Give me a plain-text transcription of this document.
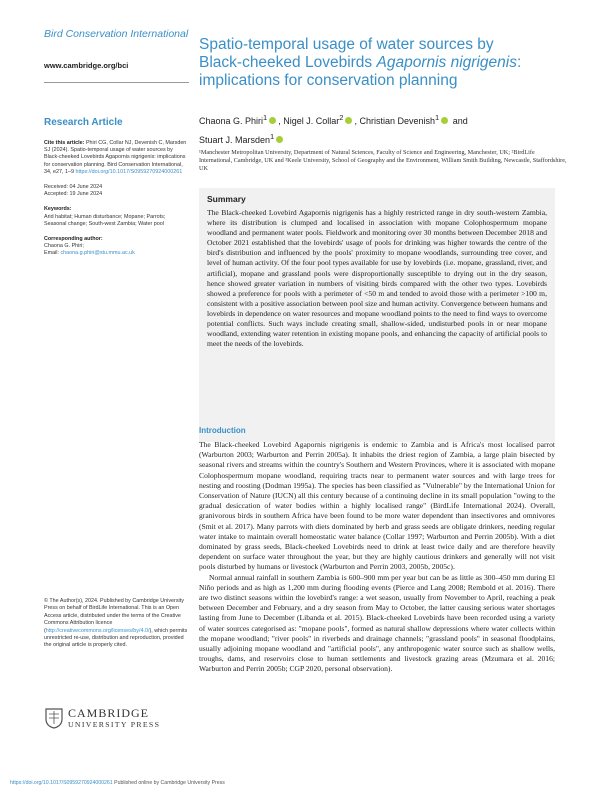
Bird Conservation International
www.cambridge.org/bci
Research Article
Cite this article: Phiri CG, Collar NJ, Devenish C, Marsden SJ (2024). Spatio-temporal usage of water sources by Black-cheeked Lovebirds Agapornis nigrigenis: implications for conservation planning. Bird Conservation International, 34, e27, 1–9 https://doi.org/10.1017/S0959270924000261
Received: 04 June 2024
Accepted: 19 June 2024
Keywords:
Arid habitat; Human disturbance; Mopane; Parrots; Seasonal change; South-west Zambia; Water pool
Corresponding author:
Chaona G. Phiri;
Email: chaona.g.phiri@stu.mmu.ac.uk
© The Author(s), 2024. Published by Cambridge University Press on behalf of BirdLife International. This is an Open Access article, distributed under the terms of the Creative Commons Attribution licence (http://creativecommons.org/licenses/by/4.0/), which permits unrestricted re-use, distribution and reproduction, provided the original article is properly cited.
CAMBRIDGE
UNIVERSITY PRESS
https://doi.org/10.1017/S0959270924000261 Published online by Cambridge University Press
Spatio-temporal usage of water sources by
Black-cheeked Lovebirds Agapornis nigrigenis: implications for conservation planning
Chaona G. Phiri$^1$ , Nigel J. Collar$^2$ , Christian Devenish$^1$ and
Stuart J. Marsden$^1$
¹Manchester Metropolitan University, Department of Natural Sciences, Faculty of Science and Engineering, Manchester, UK; ²BirdLife International, Cambridge, UK and ³Keele University, School of Geography and the Environment, William Smith Building, Newcastle, Staffordshire, UK
Summary
The Black-cheeked Lovebird Agapornis nigrigenis has a highly restricted range in dry south-western Zambia, where its distribution is clumped and localised in association with mopane Colophospermum mopane woodland and permanent water pools. Fieldwork and monitoring over 30 months between December 2018 and October 2021 established that the lovebirds' usage of pools for drinking was higher towards the centre of the bird's distribution and influenced by the pools' proximity to mopane woodlands, surrounding tree cover, and level of human activity. Of the four pool types available for use by lovebirds (i.e. mopane, grassland, river, and artificial), mopane and grassland pools were disproportionally susceptible to drying out in the dry season, hence showed greater variation in numbers of visiting birds compared with the other two types. Lovebirds showed a preference for pools with a perimeter of <50 m and tended to avoid those with a perimeter >100 m, consistent with a positive association between pool size and human activity. Convergence between humans and lovebirds in dependence on water resources and mopane woodland points to the need to find ways to overcome potential conflicts. Such ways include creating small, shallow-sided, undisturbed pools in or near mopane woodland, extending water retention in existing mopane pools, and enhancing the capacity of artificial pools to meet the needs of the lovebirds.
Introduction

The Black-cheeked Lovebird Agapornis nigrigenis is endemic to Zambia and is Africa's most localised parrot (Warburton 2003; Warburton and Perrin 2005a). It inhabits the driest region of Zambia, a large plain bisected by seasonal rivers and streams within the country's Southern and Western Provinces, where it is associated with mopane Colophospermum mopane woodland, requiring tracts near to permanent water sources and with large trees for nesting and roosting (Dodman 1995a). The species has been classified as "Vulnerable" by the International Union for Conservation of Nature (IUCN) all this century because of a continuing decline in its small population "owing to the gradual desiccation of water bodies within a highly localised range" (BirdLife International 2024). Overall, granivorous birds in southern Africa have been found to be more water dependent than insectivores and omnivores (Smit et al. 2017). Many parrots with diets dominated by herb and grass seeds are obligate drinkers, needing regular water intake to maintain overall homeostatic water balance (Collar 1997; Warburton and Perrin 2005b). With a diet dominated by grass seeds, Black-cheeked Lovebirds need to drink at least twice daily and are therefore heavily dependent on surface water throughout the year, but they are highly cautious drinkers and generally will not visit pools disturbed by humans or livestock (Warburton and Perrin 2003, 2005b, 2005c).

Normal annual rainfall in southern Zambia is 600–900 mm per year but can be as little as 300–450 mm during El Niño periods and as high as 1,200 mm during flooding events (Pierce and Lang 2008; Rembold et al. 2016). There are two distinct seasons within the lovebird's range: a wet season, usually from November to April, reaching a peak between December and February, and a dry season from May to October, the latter causing serious water shortages lasting from June to December (Libanda et al. 2015). Black-cheeked Lovebirds have been recorded using a variety of water sources categorised as: "mopane pools", formed as natural shallow depressions where water collects within the mopane woodland; "river pools" in riverbeds and drainage channels; "grassland pools" in seasonal floodplains, usually adjoining mopane woodland and "artificial pools", any anthropogenic water source such as shallow wells, troughs, dams, and reservoirs close to human settlements and livestock grazing areas (Mzumara et al. 2016; Warburton and Perrin 2005b; CGP 2020, personal observation).
